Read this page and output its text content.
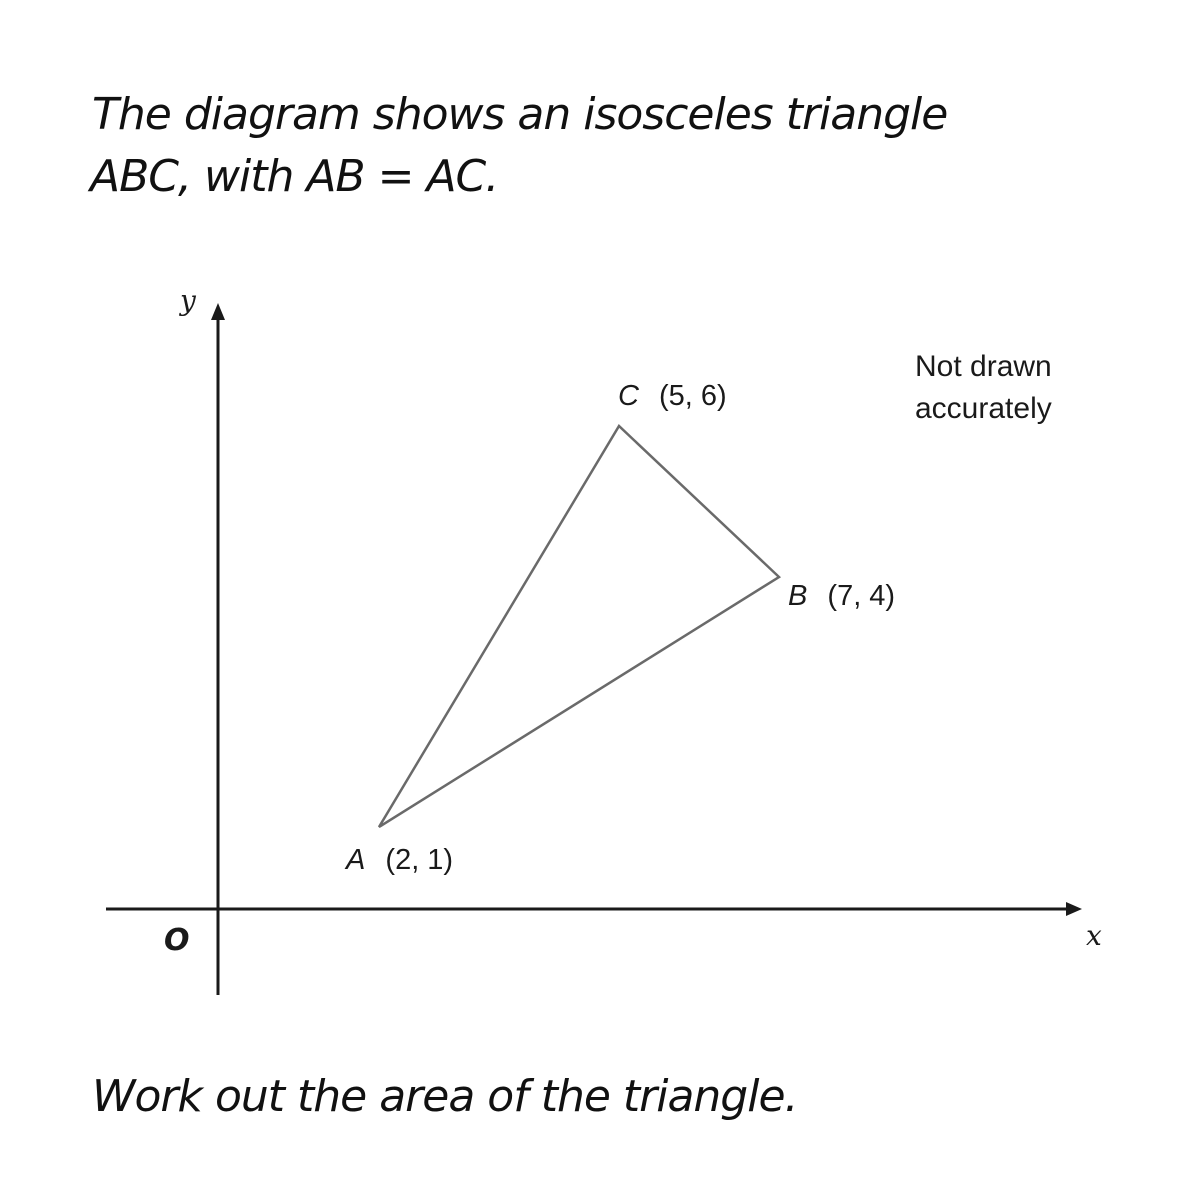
The diagram shows an isosceles triangle

ABC, with AB = AC.

y
x
O
A (2, 1)
B (7, 4)
C (5, 6)
Not drawn
accurately

Work out the area of the triangle.
